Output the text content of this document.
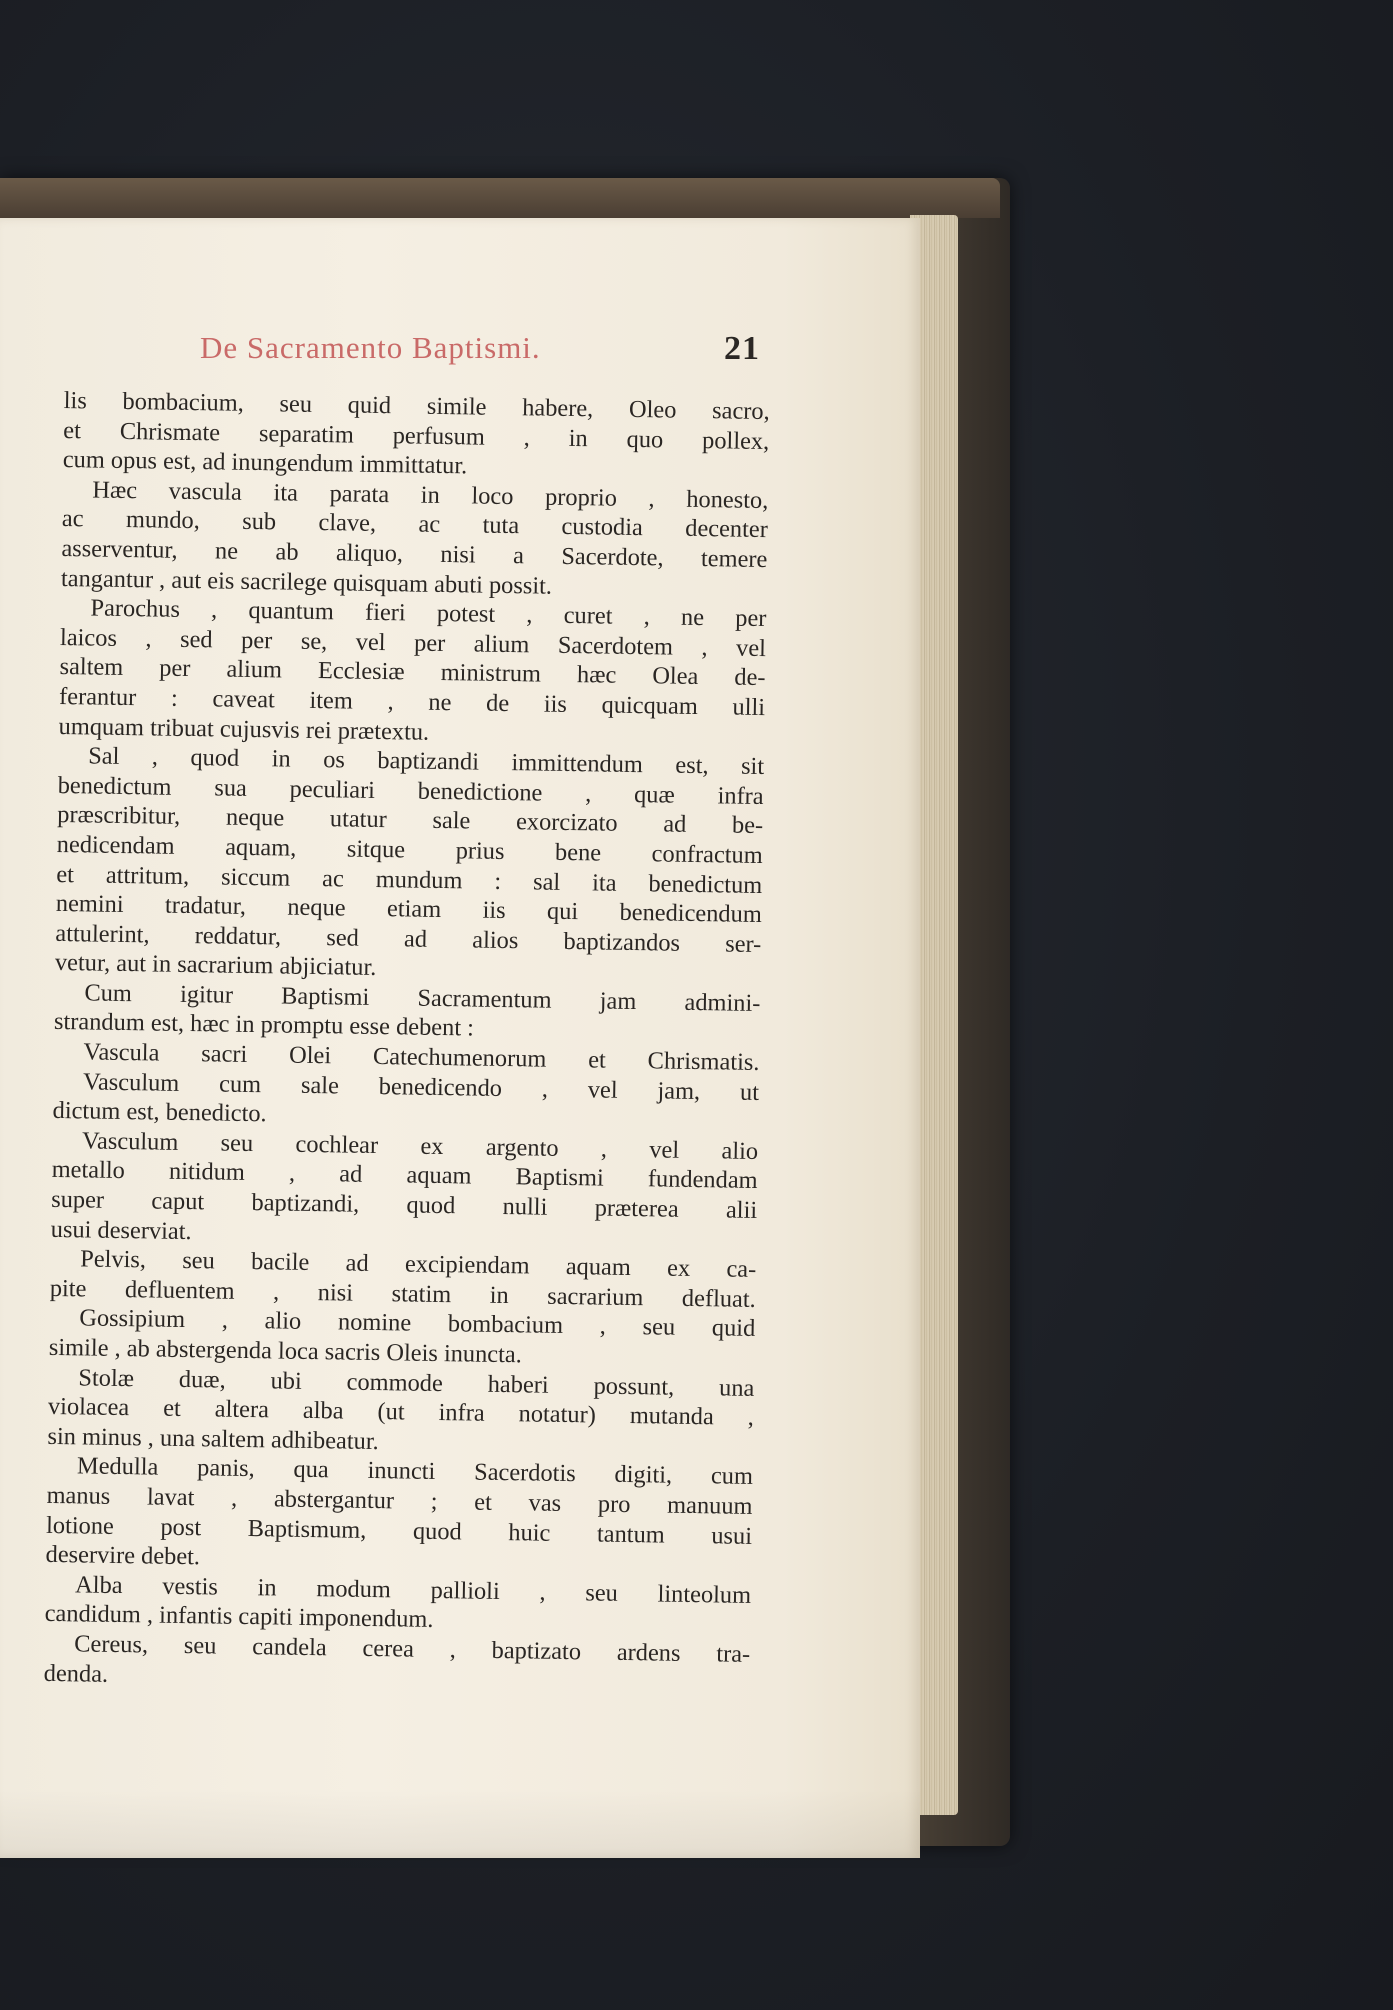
De Sacramento Baptismi.	21
lis bombacium, seu quid simile habere, Oleo sacro,
et Chrismate separatim perfusum , in quo pollex,
cum opus est, ad inungendum immittatur.
Hæc vascula ita parata in loco proprio , honesto,
ac mundo, sub clave, ac tuta custodia decenter
asserventur, ne ab aliquo, nisi a Sacerdote, temere
tangantur , aut eis sacrilege quisquam abuti possit.
Parochus , quantum fieri potest , curet , ne per
laicos , sed per se, vel per alium Sacerdotem , vel
saltem per alium Ecclesiæ ministrum hæc Olea de-
ferantur : caveat item , ne de iis quicquam ulli
umquam tribuat cujusvis rei prætextu.
Sal , quod in os baptizandi immittendum est, sit
benedictum sua peculiari benedictione , quæ infra
præscribitur, neque utatur sale exorcizato ad be-
nedicendam aquam, sitque prius bene confractum
et attritum, siccum ac mundum : sal ita benedictum
nemini tradatur, neque etiam iis qui benedicendum
attulerint, reddatur, sed ad alios baptizandos ser-
vetur, aut in sacrarium abjiciatur.
Cum igitur Baptismi Sacramentum jam admini-
strandum est, hæc in promptu esse debent :
Vascula sacri Olei Catechumenorum et Chrismatis.
Vasculum cum sale benedicendo , vel jam, ut
dictum est, benedicto.
Vasculum seu cochlear ex argento , vel alio
metallo nitidum , ad aquam Baptismi fundendam
super caput baptizandi, quod nulli præterea alii
usui deserviat.
Pelvis, seu bacile ad excipiendam aquam ex ca-
pite defluentem , nisi statim in sacrarium defluat.
Gossipium , alio nomine bombacium , seu quid
simile , ab abstergenda loca sacris Oleis inuncta.
Stolæ duæ, ubi commode haberi possunt, una
violacea et altera alba (ut infra notatur) mutanda ,
sin minus , una saltem adhibeatur.
Medulla panis, qua inuncti Sacerdotis digiti, cum
manus lavat , abstergantur ; et vas pro manuum
lotione post Baptismum, quod huic tantum usui
deservire debet.
Alba vestis in modum pallioli , seu linteolum
candidum , infantis capiti imponendum.
Cereus, seu candela cerea , baptizato ardens tra-
denda.
